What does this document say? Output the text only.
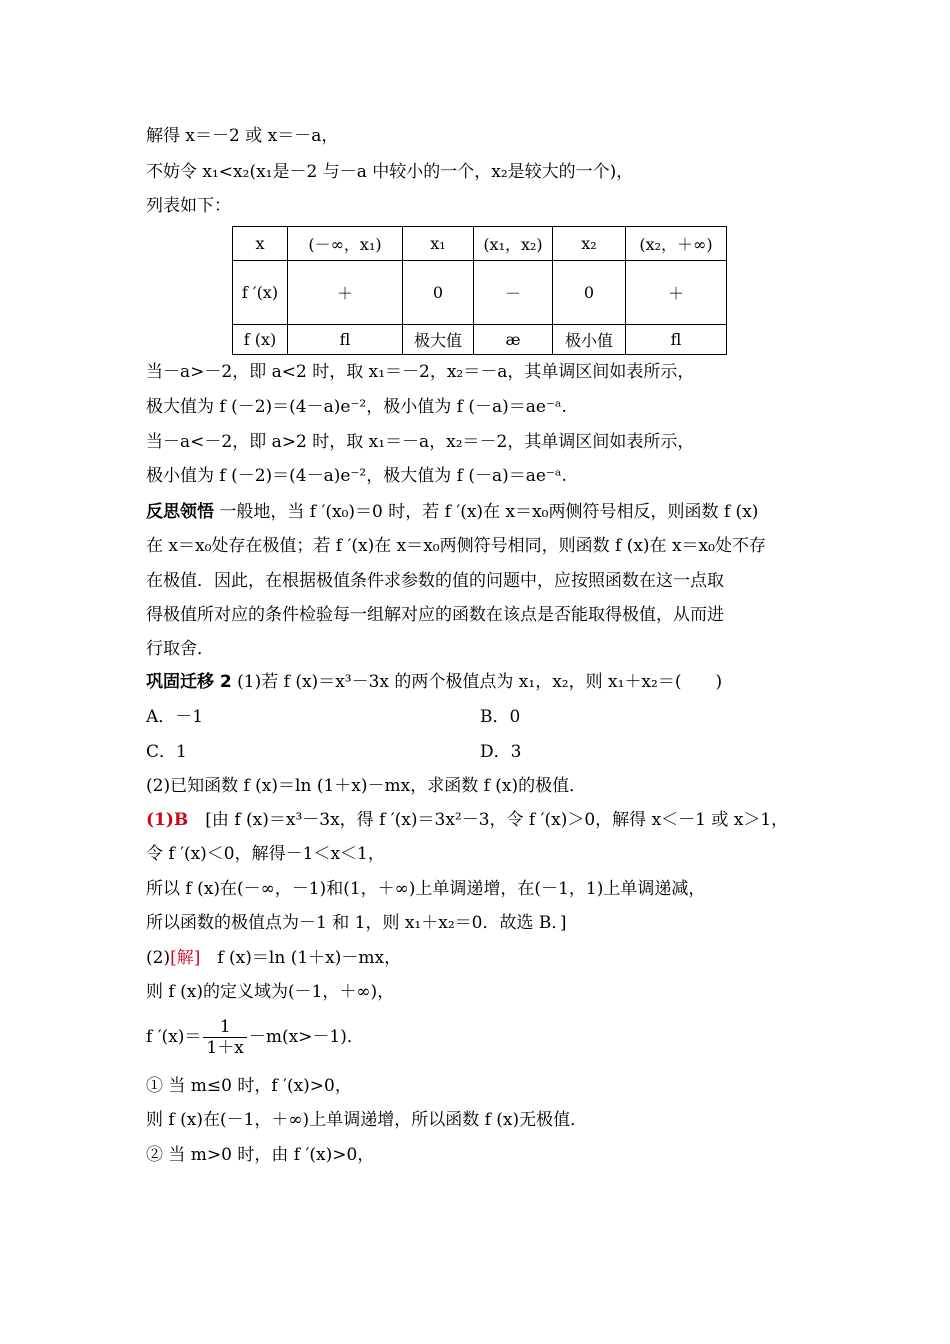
解得 x＝－2 或 x＝－a，
不妨令 x₁<x₂(x₁是－2 与－a 中较小的一个，x₂是较大的一个)，
列表如下：
x	(－∞，x₁)	x₁	(x₁，x₂)	x₂	(x₂，＋∞)
f ′(x)	＋	0	－	0	＋
f (x)	ﬂ	极大值	æ	极小值	ﬂ
当－a>－2，即 a<2 时，取 x₁＝－2，x₂＝－a，其单调区间如表所示，
极大值为 f (－2)＝(4－a)e⁻²，极小值为 f (－a)＝ae⁻ᵃ.
当－a<－2，即 a>2 时，取 x₁＝－a，x₂＝－2，其单调区间如表所示，
极小值为 f (－2)＝(4－a)e⁻²，极大值为 f (－a)＝ae⁻ᵃ.
反思领悟 一般地，当 f ′(x₀)＝0 时，若 f ′(x)在 x＝x₀两侧符号相反，则函数 f (x)
在 x＝x₀处存在极值；若 f ′(x)在 x＝x₀两侧符号相同，则函数 f (x)在 x＝x₀处不存
在极值．因此，在根据极值条件求参数的值的问题中，应按照函数在这一点取
得极值所对应的条件检验每一组解对应的函数在该点是否能取得极值，从而进
行取舍．
巩固迁移 2 (1)若 f (x)＝x³－3x 的两个极值点为 x₁，x₂，则 x₁＋x₂＝(　　)
A．－1	B．0
C．1	D．3
(2)已知函数 f (x)＝ln (1＋x)－mx，求函数 f (x)的极值．
(1)B　[由 f (x)＝x³－3x，得 f ′(x)＝3x²－3，令 f ′(x)＞0，解得 x＜－1 或 x＞1，
令 f ′(x)＜0，解得－1＜x＜1，
所以 f (x)在(－∞，－1)和(1，＋∞)上单调递增，在(－1，1)上单调递减，
所以函数的极值点为－1 和 1，则 x₁＋x₂＝0．故选 B．]
(2)[解]　f (x)＝ln (1＋x)－mx，
则 f (x)的定义域为(－1，＋∞)，
f $'(x)= \frac{1}{1+x} -m(x>-1)$．
① 当 m≤0 时，f ′(x)>0，
则 f (x)在(－1，＋∞)上单调递增，所以函数 f (x)无极值．
② 当 m>0 时，由 f ′(x)>0，
